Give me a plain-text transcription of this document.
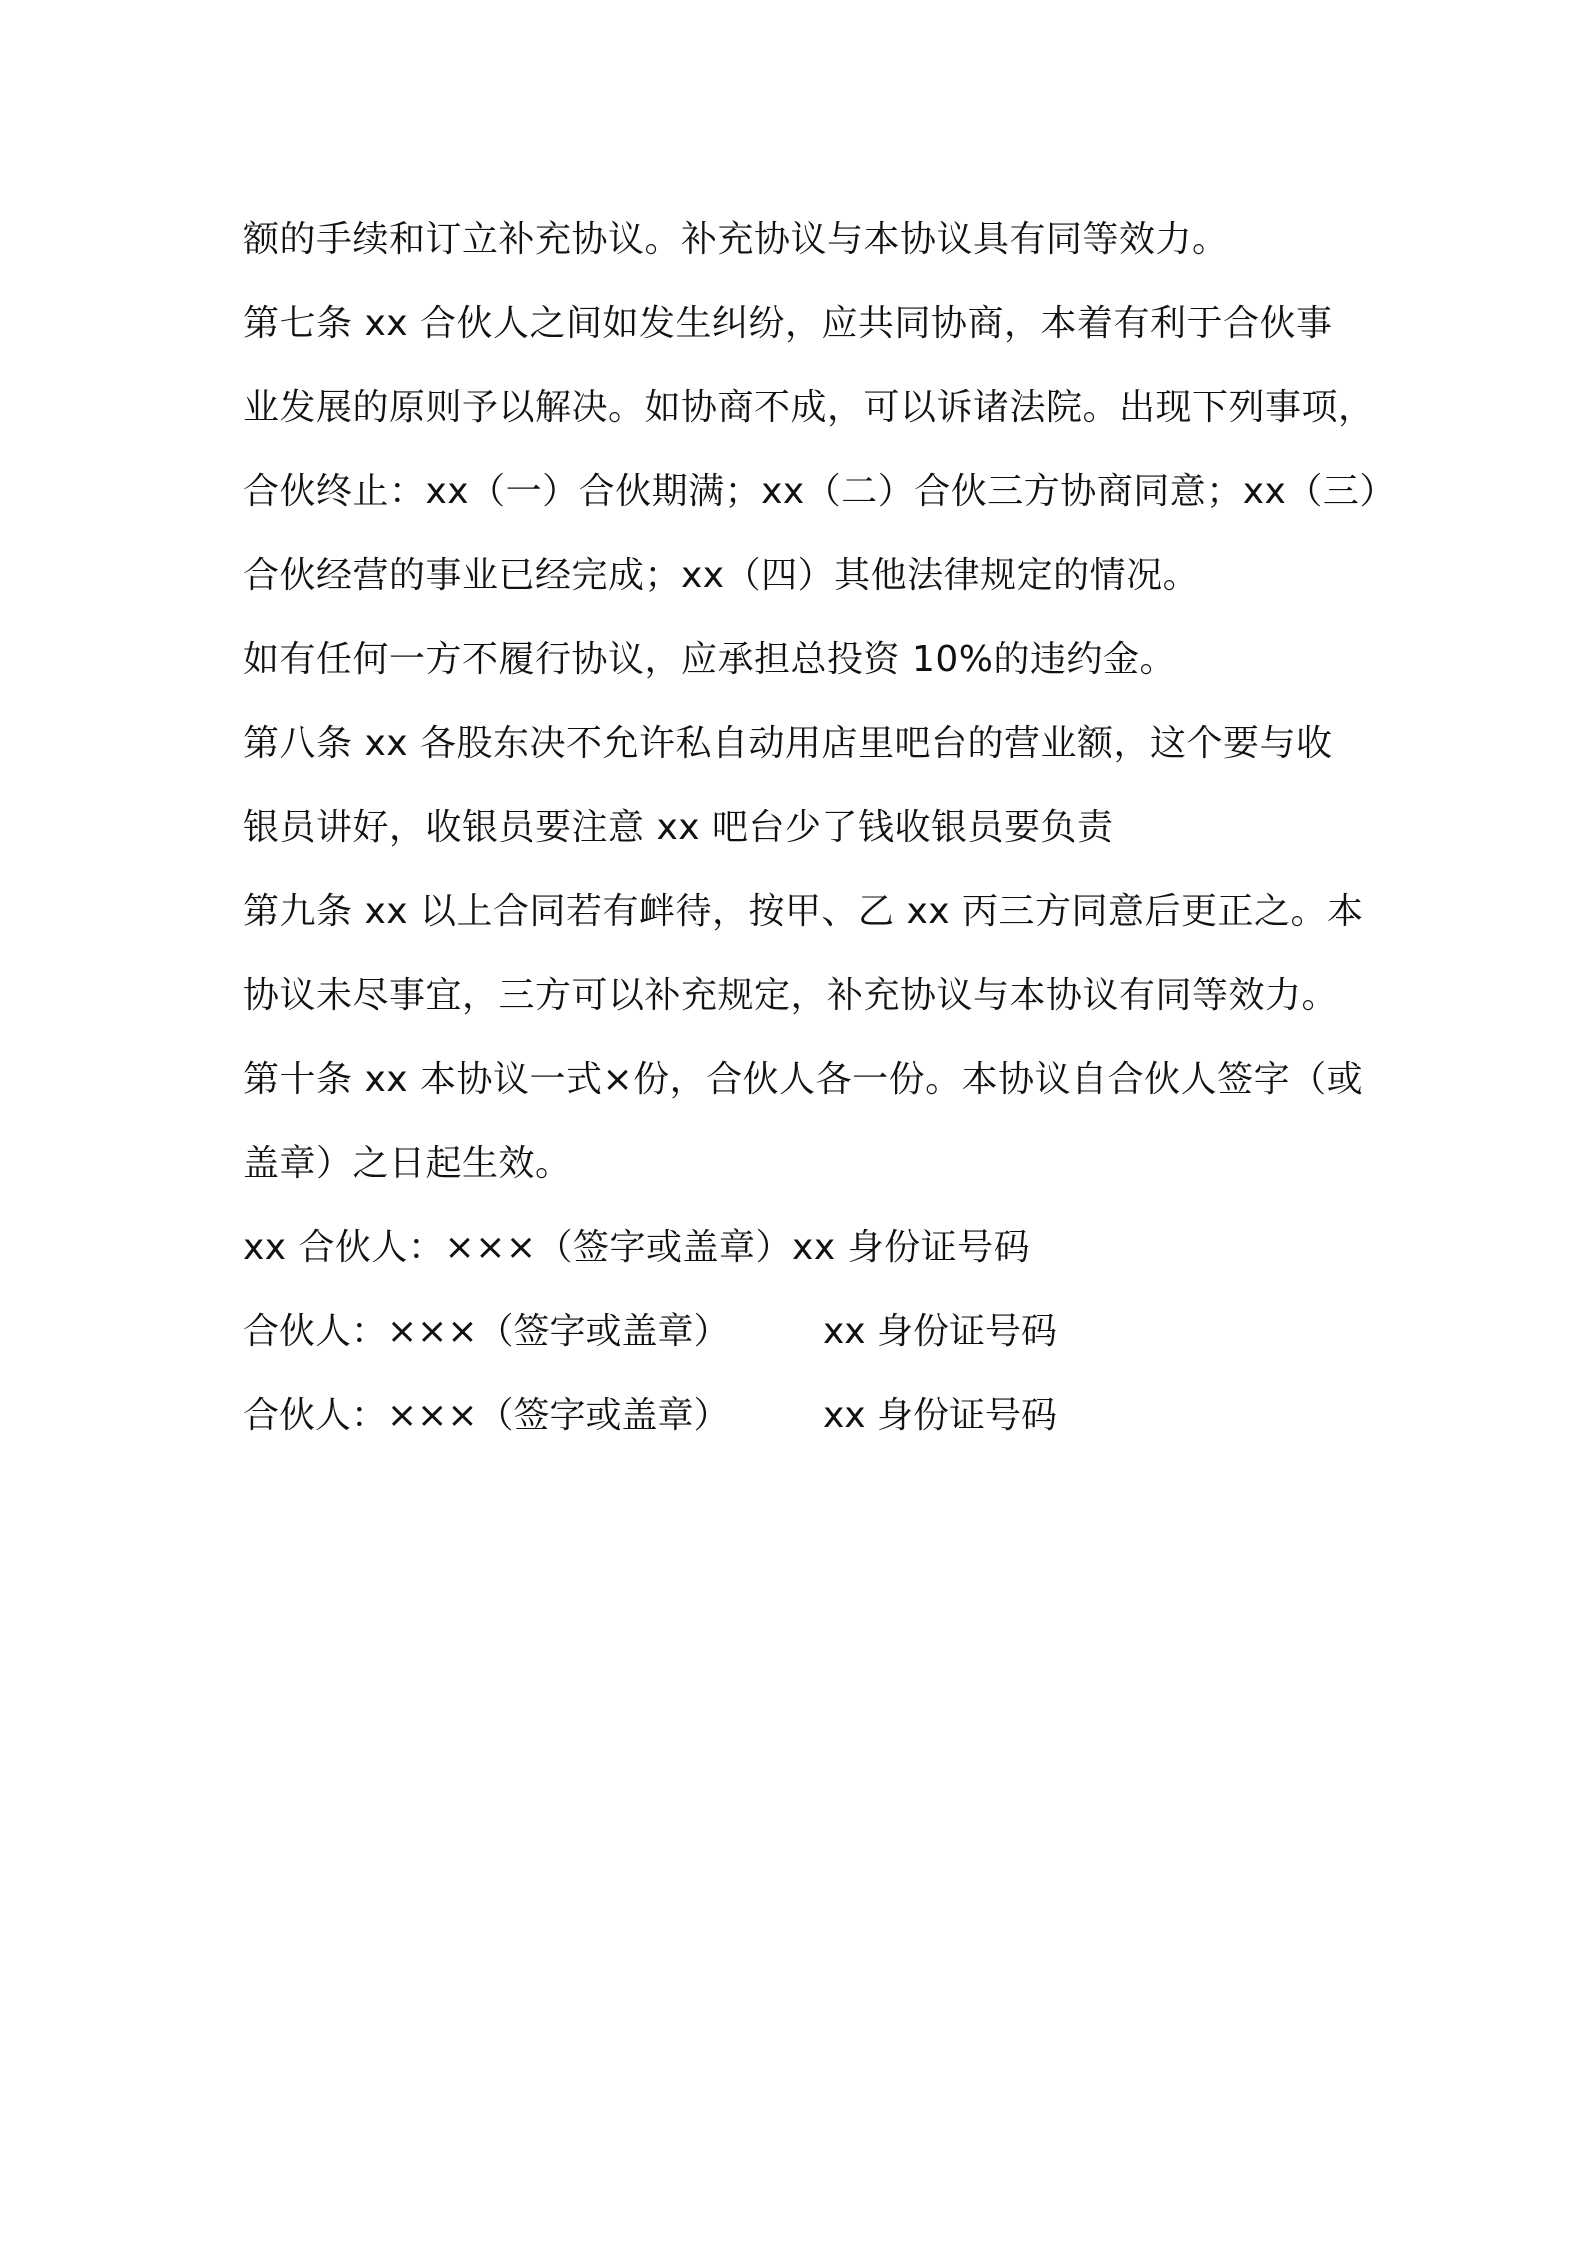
额的手续和订立补充协议。补充协议与本协议具有同等效力。
第七条 xx 合伙人之间如发生纠纷，应共同协商，本着有利于合伙事
业发展的原则予以解决。如协商不成，可以诉诸法院。出现下列事项，
合伙终止：xx（一）合伙期满；xx（二）合伙三方协商同意；xx（三）
合伙经营的事业已经完成；xx（四）其他法律规定的情况。
如有任何一方不履行协议，应承担总投资 10%的违约金。
第八条 xx 各股东决不允许私自动用店里吧台的营业额，这个要与收
银员讲好，收银员要注意 xx 吧台少了钱收银员要负责
第九条 xx 以上合同若有衅待，按甲、乙 xx 丙三方同意后更正之。本
协议未尽事宜，三方可以补充规定，补充协议与本协议有同等效力。
第十条 xx 本协议一式×份，合伙人各一份。本协议自合伙人签字（或
盖章）之日起生效。
xx 合伙人：×××（签字或盖章）xx 身份证号码
合伙人：×××（签字或盖章）	xx 身份证号码
合伙人：×××（签字或盖章）	xx 身份证号码
